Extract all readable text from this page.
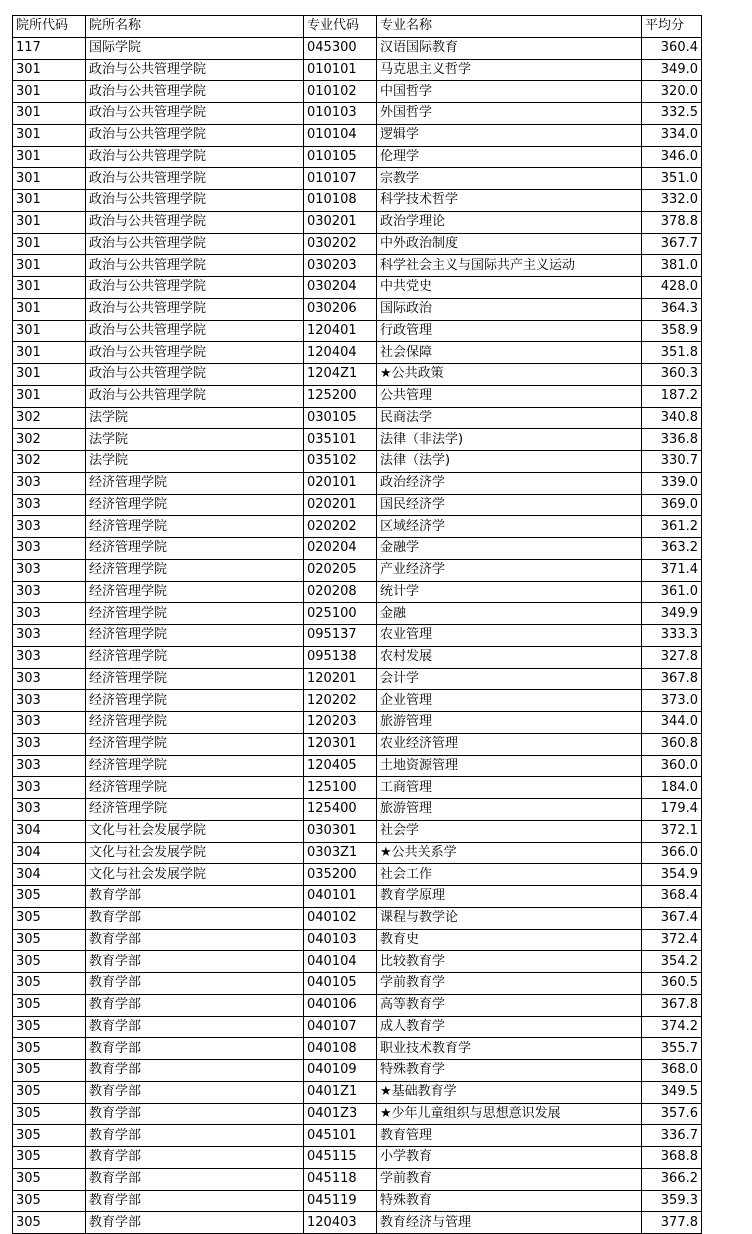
院所代码	院所名称	专业代码	专业名称	平均分
117	国际学院	045300	汉语国际教育	360.4
301	政治与公共管理学院	010101	马克思主义哲学	349.0
301	政治与公共管理学院	010102	中国哲学	320.0
301	政治与公共管理学院	010103	外国哲学	332.5
301	政治与公共管理学院	010104	逻辑学	334.0
301	政治与公共管理学院	010105	伦理学	346.0
301	政治与公共管理学院	010107	宗教学	351.0
301	政治与公共管理学院	010108	科学技术哲学	332.0
301	政治与公共管理学院	030201	政治学理论	378.8
301	政治与公共管理学院	030202	中外政治制度	367.7
301	政治与公共管理学院	030203	科学社会主义与国际共产主义运动	381.0
301	政治与公共管理学院	030204	中共党史	428.0
301	政治与公共管理学院	030206	国际政治	364.3
301	政治与公共管理学院	120401	行政管理	358.9
301	政治与公共管理学院	120404	社会保障	351.8
301	政治与公共管理学院	1204Z1	★公共政策	360.3
301	政治与公共管理学院	125200	公共管理	187.2
302	法学院	030105	民商法学	340.8
302	法学院	035101	法律（非法学)	336.8
302	法学院	035102	法律（法学)	330.7
303	经济管理学院	020101	政治经济学	339.0
303	经济管理学院	020201	国民经济学	369.0
303	经济管理学院	020202	区域经济学	361.2
303	经济管理学院	020204	金融学	363.2
303	经济管理学院	020205	产业经济学	371.4
303	经济管理学院	020208	统计学	361.0
303	经济管理学院	025100	金融	349.9
303	经济管理学院	095137	农业管理	333.3
303	经济管理学院	095138	农村发展	327.8
303	经济管理学院	120201	会计学	367.8
303	经济管理学院	120202	企业管理	373.0
303	经济管理学院	120203	旅游管理	344.0
303	经济管理学院	120301	农业经济管理	360.8
303	经济管理学院	120405	土地资源管理	360.0
303	经济管理学院	125100	工商管理	184.0
303	经济管理学院	125400	旅游管理	179.4
304	文化与社会发展学院	030301	社会学	372.1
304	文化与社会发展学院	0303Z1	★公共关系学	366.0
304	文化与社会发展学院	035200	社会工作	354.9
305	教育学部	040101	教育学原理	368.4
305	教育学部	040102	课程与教学论	367.4
305	教育学部	040103	教育史	372.4
305	教育学部	040104	比较教育学	354.2
305	教育学部	040105	学前教育学	360.5
305	教育学部	040106	高等教育学	367.8
305	教育学部	040107	成人教育学	374.2
305	教育学部	040108	职业技术教育学	355.7
305	教育学部	040109	特殊教育学	368.0
305	教育学部	0401Z1	★基础教育学	349.5
305	教育学部	0401Z3	★少年儿童组织与思想意识发展	357.6
305	教育学部	045101	教育管理	336.7
305	教育学部	045115	小学教育	368.8
305	教育学部	045118	学前教育	366.2
305	教育学部	045119	特殊教育	359.3
305	教育学部	120403	教育经济与管理	377.8
